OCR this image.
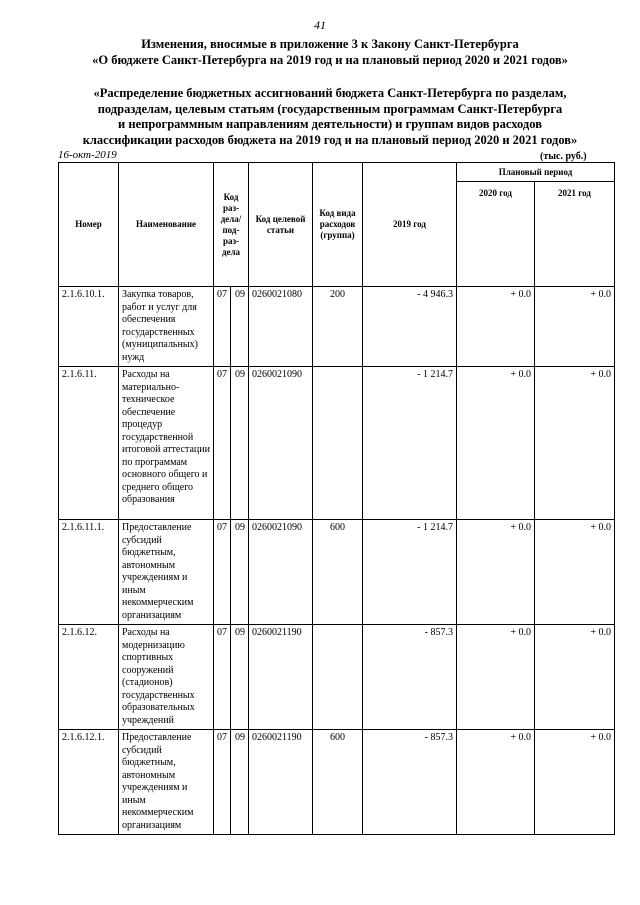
41
Изменения, вносимые в приложение 3 к Закону Санкт-Петербурга
«О бюджете Санкт-Петербурга на 2019 год и на плановый период 2020 и 2021 годов»
«Распределение бюджетных ассигнований бюджета Санкт-Петербурга по разделам,
подразделам, целевым статьям (государственным программам Санкт-Петербурга
и непрограммным направлениям деятельности) и группам видов расходов
классификации расходов бюджета на 2019 год и на плановый период 2020 и 2021 годов»
16-окт-2019	(тыс. руб.)
Номер	Наименование	Код раз-дела/ под-раз-дела		Код целевой статьи	Код вида расходов (группа)	2019 год	Плановый период	
							2020 год	2021 год
2.1.6.10.1.	Закупка товаров, работ и услуг для обеспечения государственных (муниципальных) нужд	07	09	0260021080	200	- 4 946.3	+ 0.0	+ 0.0
2.1.6.11.	Расходы на материально-техническое обеспечение процедур государственной итоговой аттестации по программам основного общего и среднего общего образования	07	09	0260021090		- 1 214.7	+ 0.0	+ 0.0
2.1.6.11.1.	Предоставление субсидий бюджетным, автономным учреждениям и иным некоммерческим организациям	07	09	0260021090	600	- 1 214.7	+ 0.0	+ 0.0
2.1.6.12.	Расходы на модернизацию спортивных сооружений (стадионов) государственных образовательных учреждений	07	09	0260021190		- 857.3	+ 0.0	+ 0.0
2.1.6.12.1.	Предоставление субсидий бюджетным, автономным учреждениям и иным некоммерческим организациям	07	09	0260021190	600	- 857.3	+ 0.0	+ 0.0
